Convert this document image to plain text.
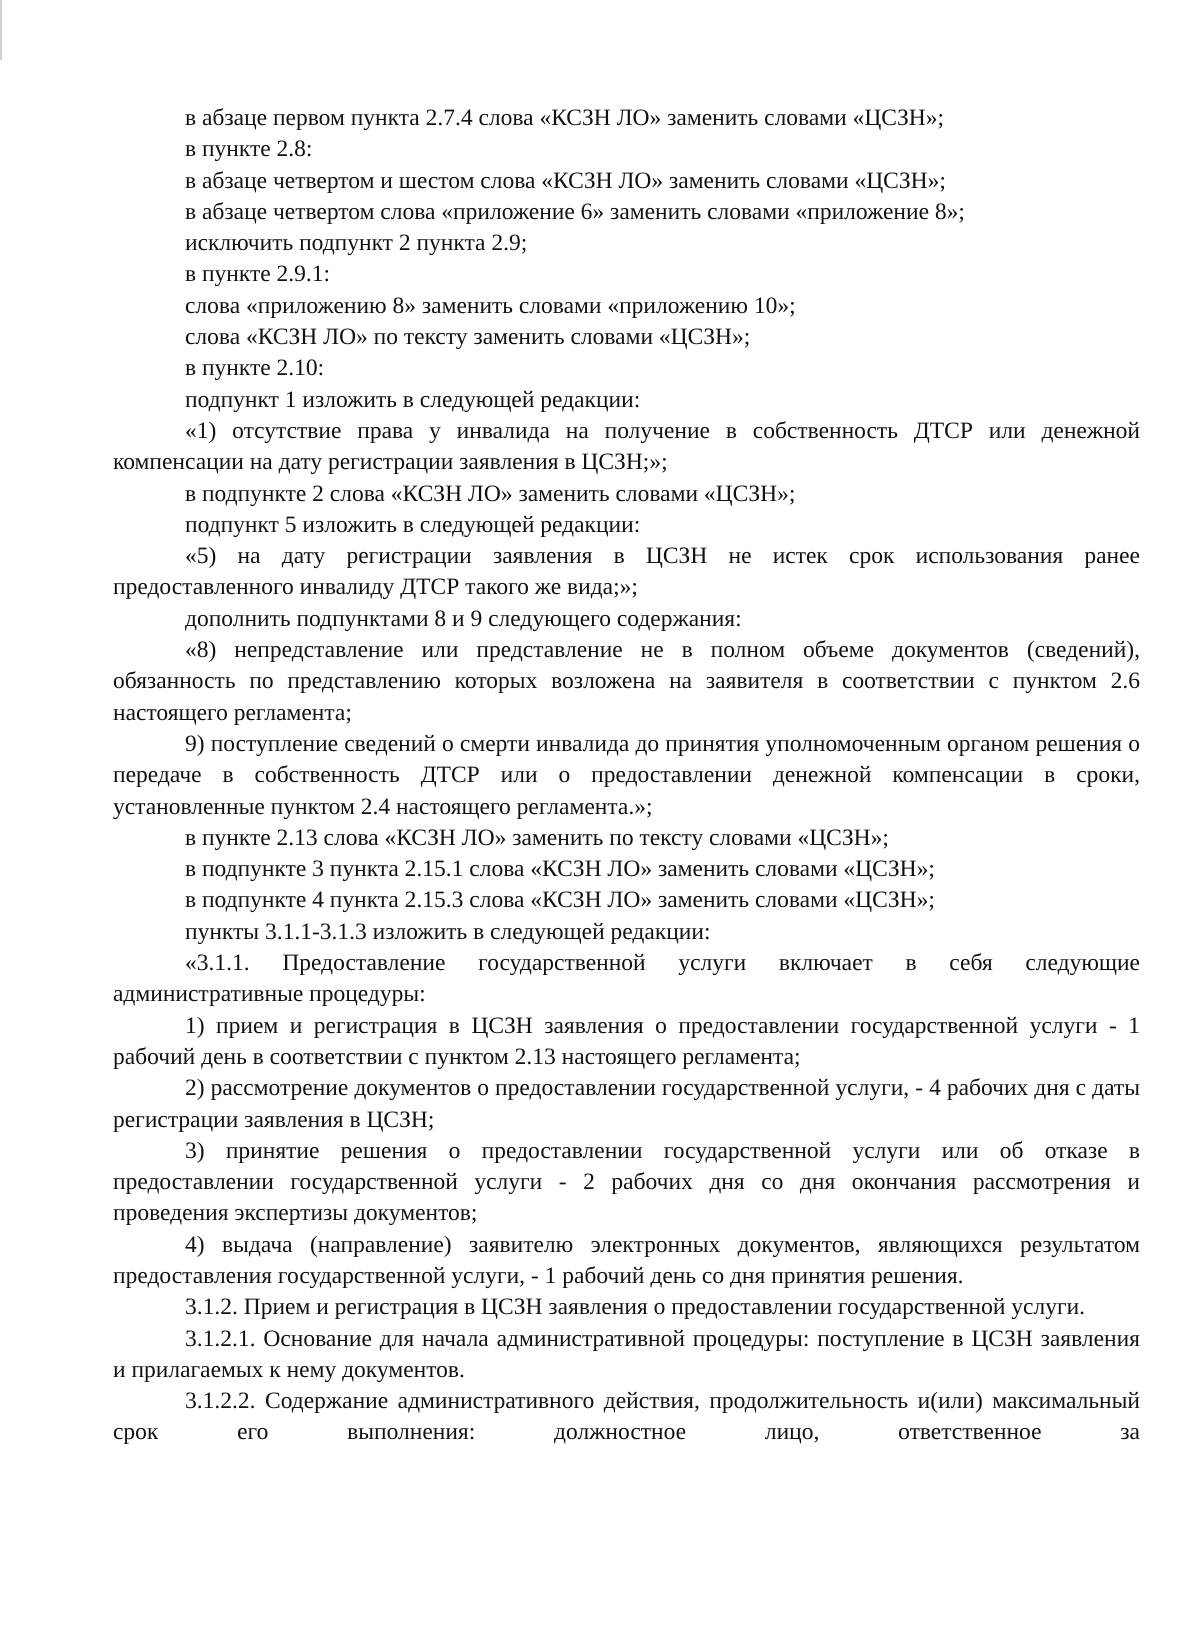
в абзаце первом пункта 2.7.4 слова «КСЗН ЛО» заменить словами «ЦСЗН»;

в пункте 2.8:

в абзаце четвертом и шестом слова «КСЗН ЛО» заменить словами «ЦСЗН»;

в абзаце четвертом слова «приложение 6» заменить словами «приложение 8»;

исключить подпункт 2 пункта 2.9;

в пункте 2.9.1:

слова «приложению 8» заменить словами «приложению 10»;

слова «КСЗН ЛО» по тексту заменить словами «ЦСЗН»;

в пункте 2.10:

подпункт 1 изложить в следующей редакции:

«1) отсутствие права у инвалида на получение в собственность ДТСР или денежной компенсации на дату регистрации заявления в ЦСЗН;»;

в подпункте 2 слова «КСЗН ЛО» заменить словами «ЦСЗН»;

подпункт 5 изложить в следующей редакции:

«5) на дату регистрации заявления в ЦСЗН не истек срок использования ранее предоставленного инвалиду ДТСР такого же вида;»;

дополнить подпунктами 8 и 9 следующего содержания:

«8) непредставление или представление не в полном объеме документов (сведений), обязанность по представлению которых возложена на заявителя в соответствии с пунктом 2.6 настоящего регламента;

9) поступление сведений о смерти инвалида до принятия уполномоченным органом решения о передаче в собственность ДТСР или о предоставлении денежной компенсации в сроки, установленные пунктом 2.4 настоящего регламента.»;

в пункте 2.13 слова «КСЗН ЛО» заменить по тексту словами «ЦСЗН»;

в подпункте 3 пункта 2.15.1 слова «КСЗН ЛО» заменить словами «ЦСЗН»;

в подпункте 4 пункта 2.15.3 слова «КСЗН ЛО» заменить словами «ЦСЗН»;

пункты 3.1.1-3.1.3 изложить в следующей редакции:

«3.1.1. Предоставление государственной услуги включает в себя следующие административные процедуры:

1) прием и регистрация в ЦСЗН заявления о предоставлении государственной услуги - 1 рабочий день в соответствии с пунктом 2.13 настоящего регламента;

2) рассмотрение документов о предоставлении государственной услуги, - 4 рабочих дня с даты регистрации заявления в ЦСЗН;

3) принятие решения о предоставлении государственной услуги или об отказе в предоставлении государственной услуги - 2 рабочих дня со дня окончания рассмотрения и проведения экспертизы документов;

4) выдача (направление) заявителю электронных документов, являющихся результатом предоставления государственной услуги, - 1 рабочий день со дня принятия решения.

3.1.2. Прием и регистрация в ЦСЗН заявления о предоставлении государственной услуги.

3.1.2.1. Основание для начала административной процедуры: поступление в ЦСЗН заявления и прилагаемых к нему документов.

3.1.2.2. Содержание административного действия, продолжительность и(или) максимальный срок его выполнения: должностное лицо, ответственное за
